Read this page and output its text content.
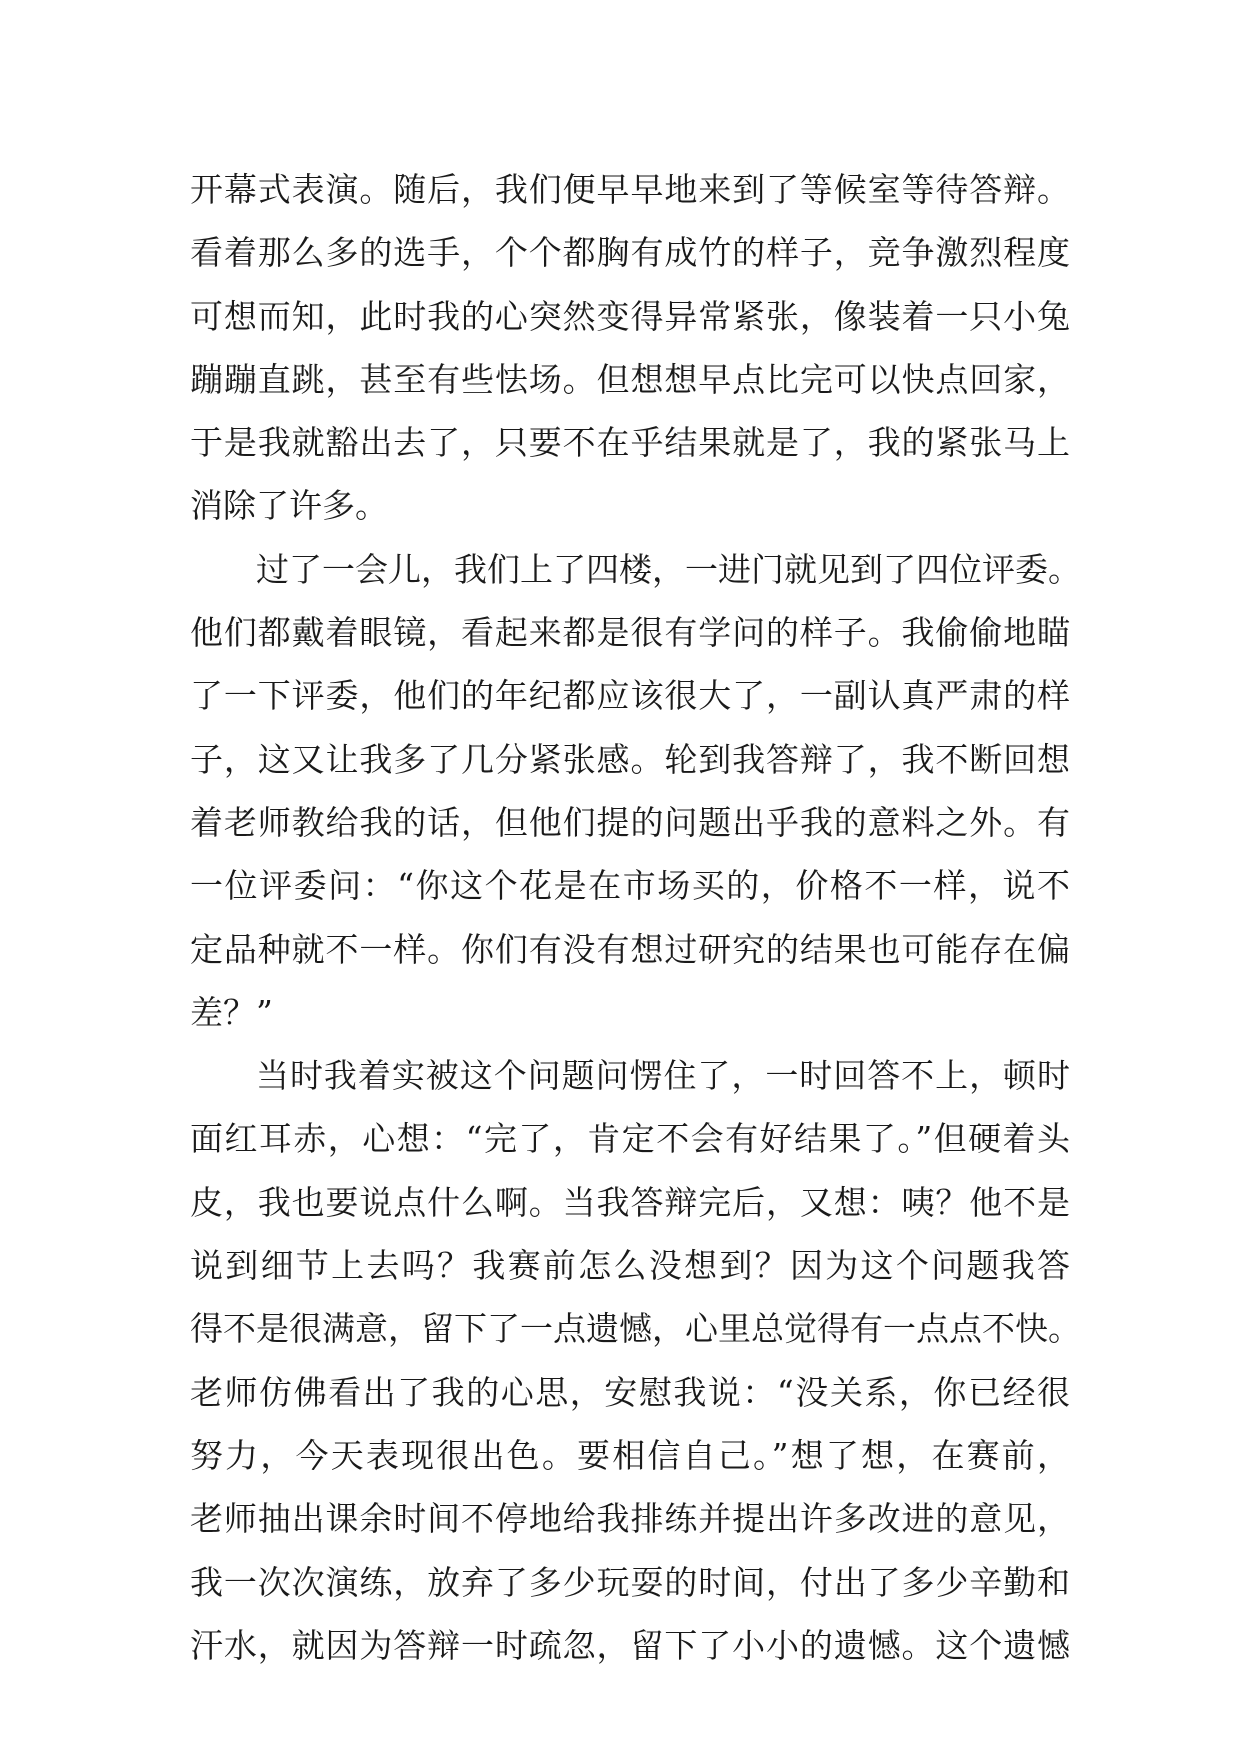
开幕式表演。随后，我们便早早地来到了等候室等待答辩。
看着那么多的选手，个个都胸有成竹的样子，竞争激烈程度
可想而知，此时我的心突然变得异常紧张，像装着一只小兔
蹦蹦直跳，甚至有些怯场。但想想早点比完可以快点回家，
于是我就豁出去了，只要不在乎结果就是了，我的紧张马上
消除了许多。
过了一会儿，我们上了四楼，一进门就见到了四位评委。
他们都戴着眼镜，看起来都是很有学问的样子。我偷偷地瞄
了一下评委，他们的年纪都应该很大了，一副认真严肃的样
子，这又让我多了几分紧张感。轮到我答辩了，我不断回想
着老师教给我的话，但他们提的问题出乎我的意料之外。有
一位评委问：“你这个花是在市场买的，价格不一样，说不
定品种就不一样。你们有没有想过研究的结果也可能存在偏
差？”
当时我着实被这个问题问愣住了，一时回答不上，顿时
面红耳赤，心想：“完了，肯定不会有好结果了。”但硬着头
皮，我也要说点什么啊。当我答辩完后，又想：咦？他不是
说到细节上去吗？我赛前怎么没想到？因为这个问题我答
得不是很满意，留下了一点遗憾，心里总觉得有一点点不快。
老师仿佛看出了我的心思，安慰我说：“没关系，你已经很
努力，今天表现很出色。要相信自己。”想了想，在赛前，
老师抽出课余时间不停地给我排练并提出许多改进的意见，
我一次次演练，放弃了多少玩耍的时间，付出了多少辛勤和
汗水，就因为答辩一时疏忽，留下了小小的遗憾。这个遗憾
